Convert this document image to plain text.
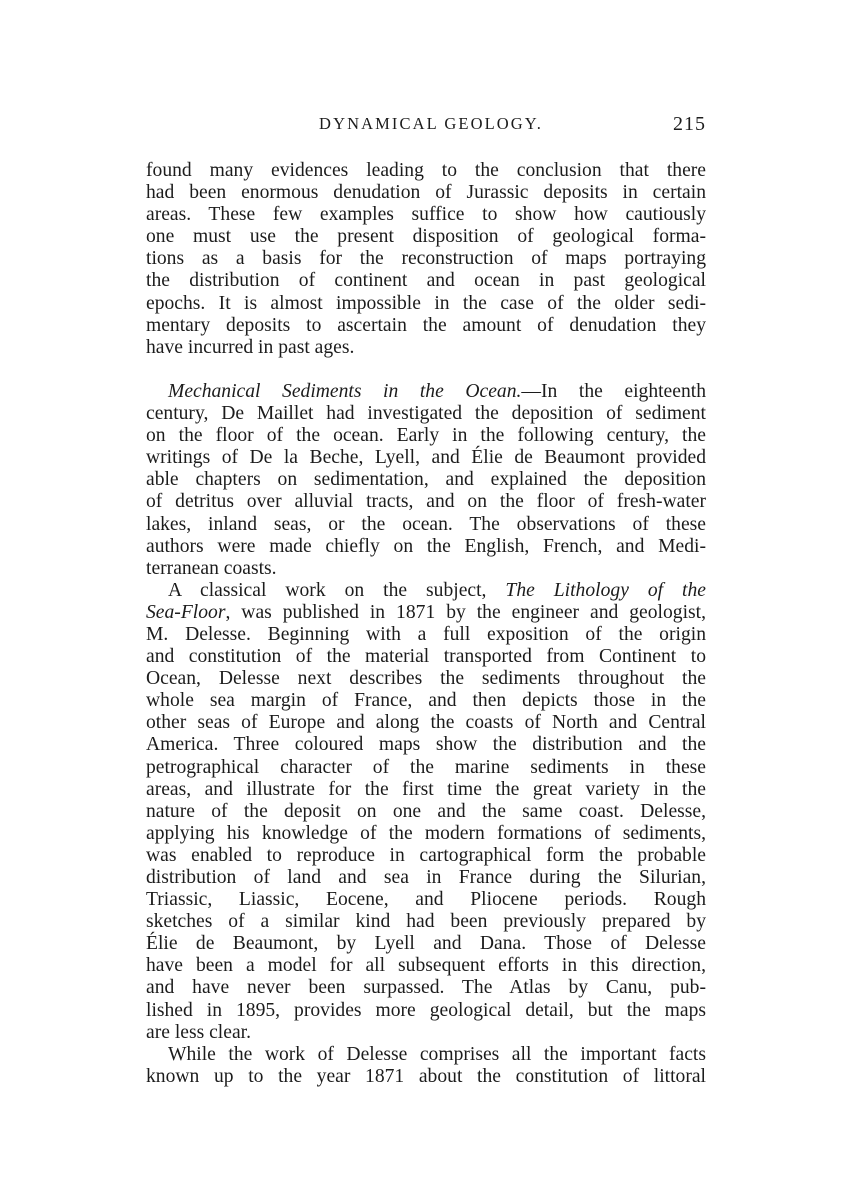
DYNAMICAL GEOLOGY.	215
found many evidences leading to the conclusion that there
had been enormous denudation of Jurassic deposits in certain
areas. These few examples suffice to show how cautiously
one must use the present disposition of geological forma-
tions as a basis for the reconstruction of maps portraying
the distribution of continent and ocean in past geological
epochs. It is almost impossible in the case of the older sedi-
mentary deposits to ascertain the amount of denudation they
have incurred in past ages.
Mechanical Sediments in the Ocean.—In the eighteenth
century, De Maillet had investigated the deposition of sediment
on the floor of the ocean. Early in the following century, the
writings of De la Beche, Lyell, and Élie de Beaumont provided
able chapters on sedimentation, and explained the deposition
of detritus over alluvial tracts, and on the floor of fresh-water
lakes, inland seas, or the ocean. The observations of these
authors were made chiefly on the English, French, and Medi-
terranean coasts.
A classical work on the subject, The Lithology of the
Sea-Floor, was published in 1871 by the engineer and geologist,
M. Delesse. Beginning with a full exposition of the origin
and constitution of the material transported from Continent to
Ocean, Delesse next describes the sediments throughout the
whole sea margin of France, and then depicts those in the
other seas of Europe and along the coasts of North and Central
America. Three coloured maps show the distribution and the
petrographical character of the marine sediments in these
areas, and illustrate for the first time the great variety in the
nature of the deposit on one and the same coast. Delesse,
applying his knowledge of the modern formations of sediments,
was enabled to reproduce in cartographical form the probable
distribution of land and sea in France during the Silurian,
Triassic, Liassic, Eocene, and Pliocene periods. Rough
sketches of a similar kind had been previously prepared by
Élie de Beaumont, by Lyell and Dana. Those of Delesse
have been a model for all subsequent efforts in this direction,
and have never been surpassed. The Atlas by Canu, pub-
lished in 1895, provides more geological detail, but the maps
are less clear.
While the work of Delesse comprises all the important facts
known up to the year 1871 about the constitution of littoral
